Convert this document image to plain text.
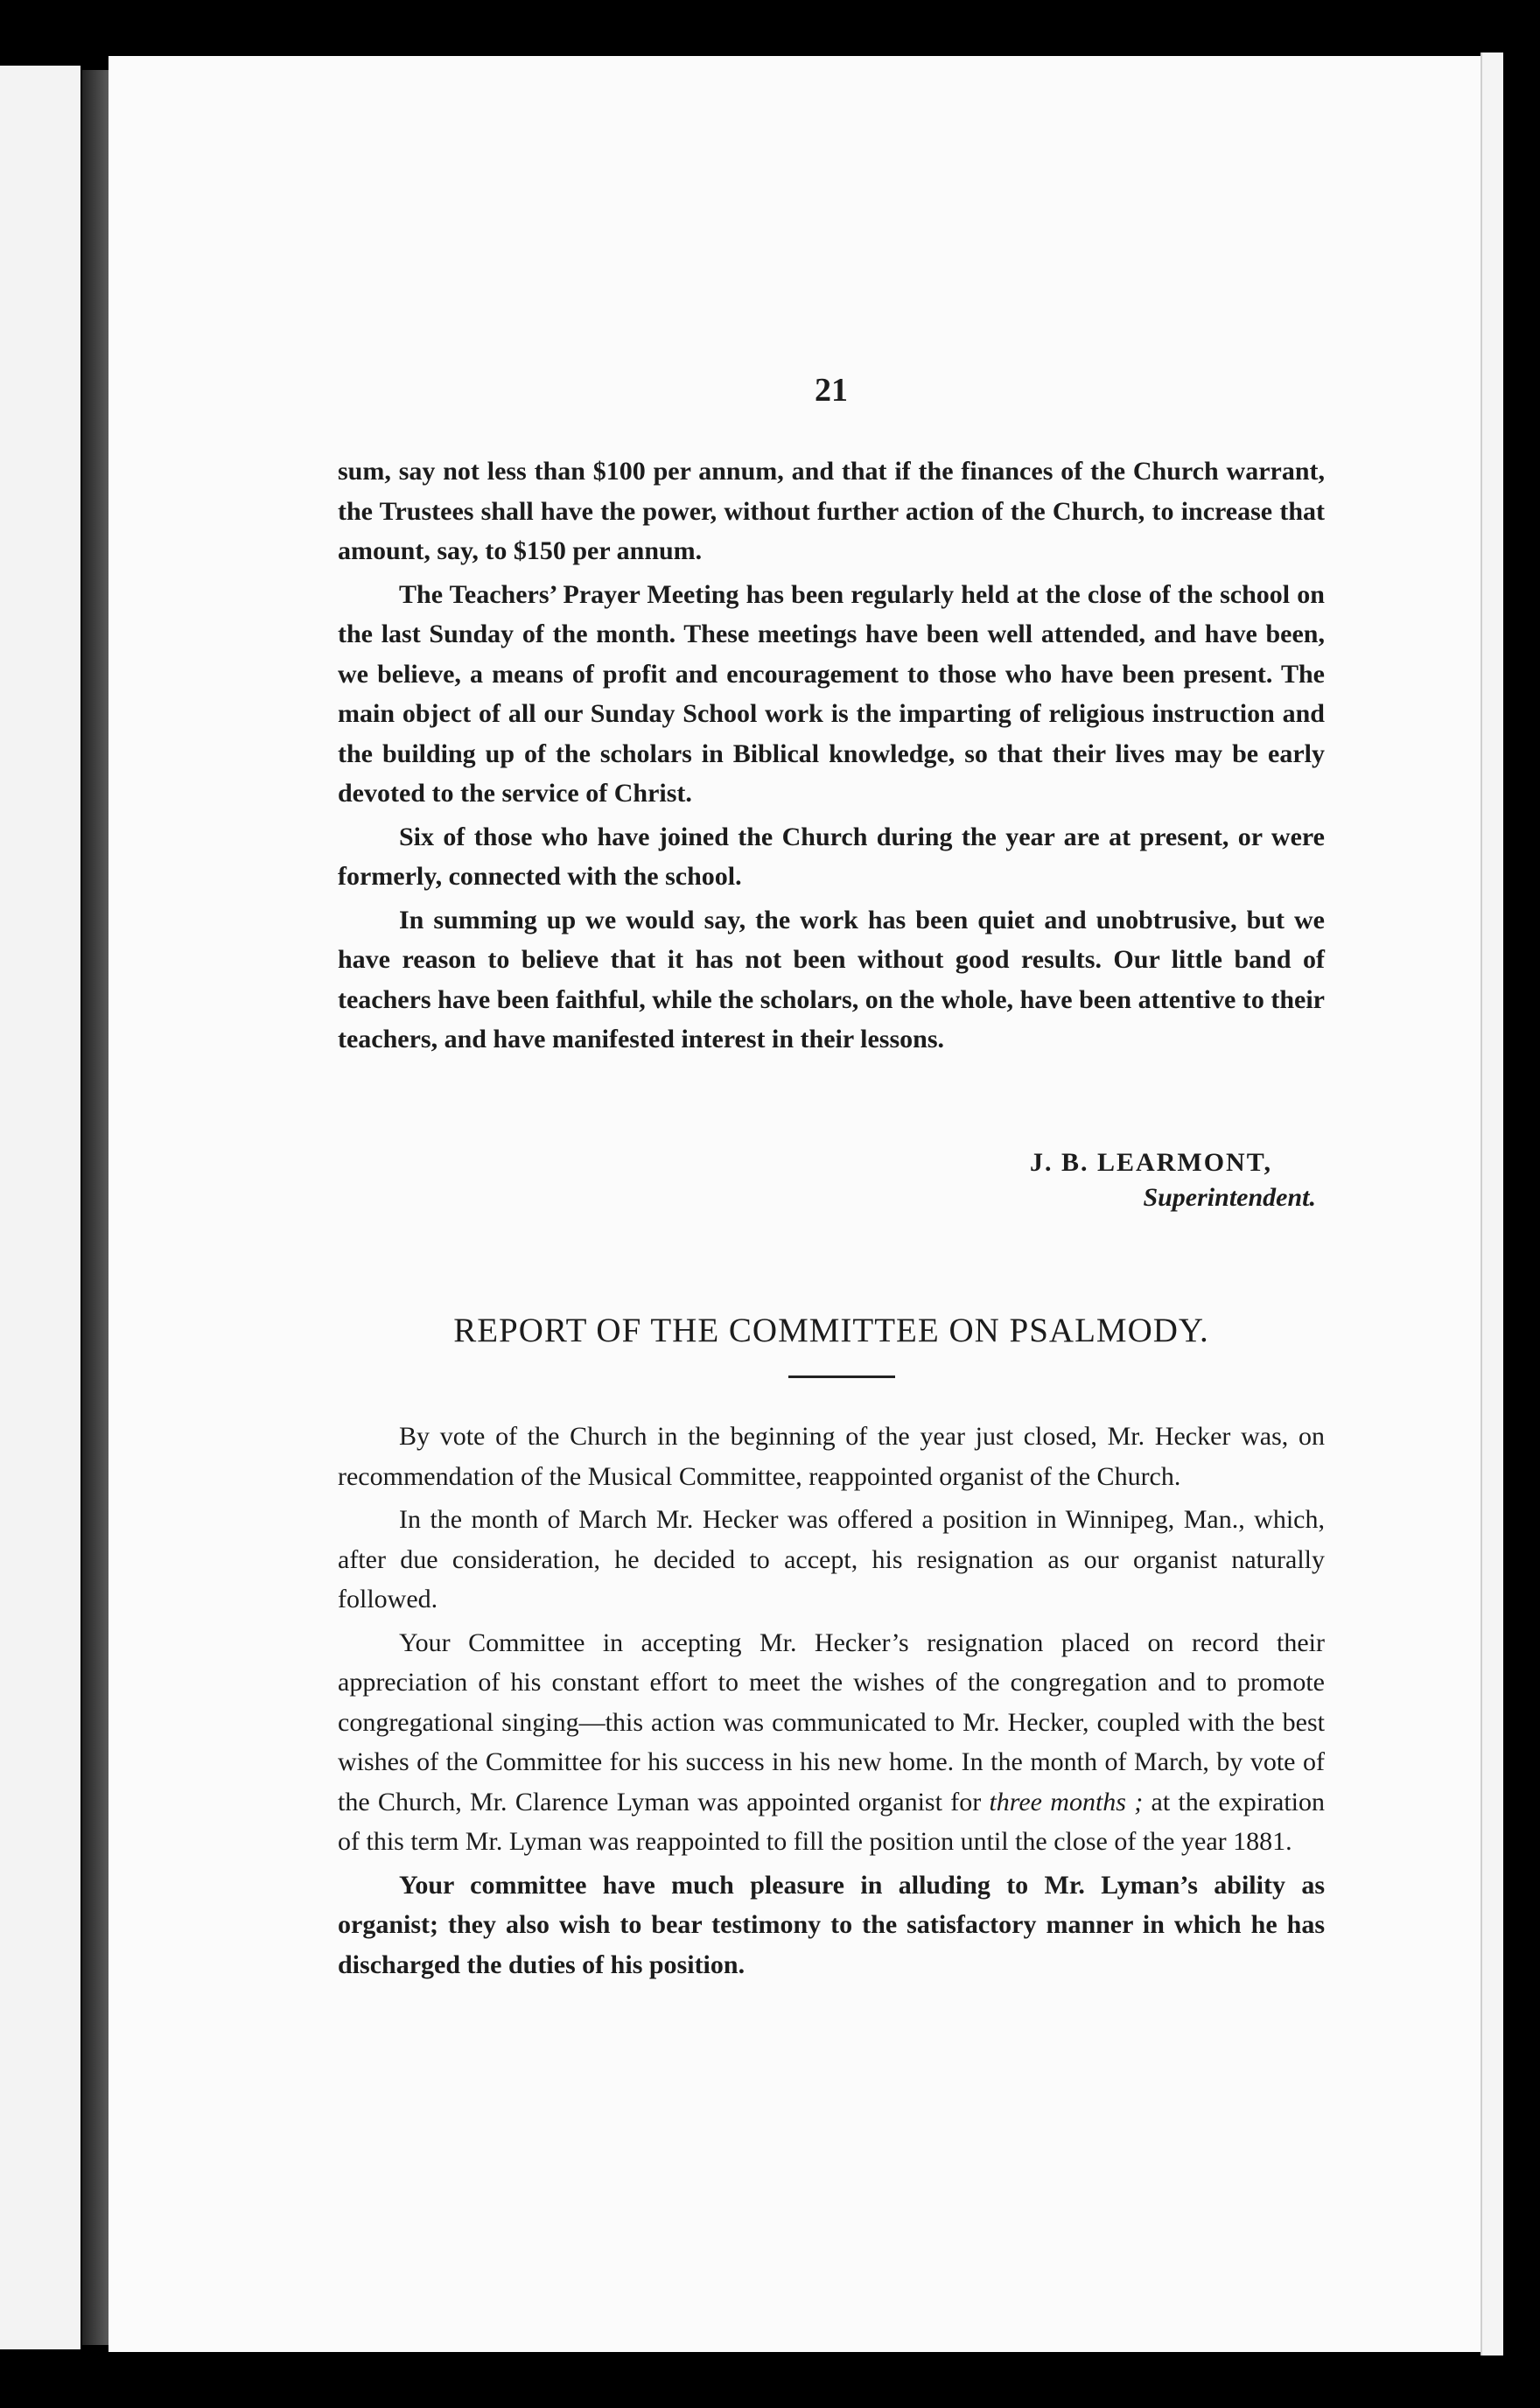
21

sum, say not less than $100 per annum, and that if the finances of the Church warrant, the Trustees shall have the power, without further action of the Church, to increase that amount, say, to $150 per annum.

The Teachers’ Prayer Meeting has been regularly held at the close of the school on the last Sunday of the month. These meetings have been well attended, and have been, we believe, a means of profit and encouragement to those who have been present. The main object of all our Sunday School work is the imparting of religious instruction and the building up of the scholars in Biblical knowledge, so that their lives may be early devoted to the service of Christ.

Six of those who have joined the Church during the year are at present, or were formerly, connected with the school.

In summing up we would say, the work has been quiet and unobtrusive, but we have reason to believe that it has not been without good results. Our little band of teachers have been faithful, while the scholars, on the whole, have been attentive to their teachers, and have manifested interest in their lessons.

J. B. LEARMONT,
Superintendent.
REPORT OF THE COMMITTEE ON PSALMODY.

By vote of the Church in the beginning of the year just closed, Mr. Hecker was, on recommendation of the Musical Committee, reappointed organist of the Church.

In the month of March Mr. Hecker was offered a position in Winnipeg, Man., which, after due consideration, he decided to accept, his resignation as our organist naturally followed.

Your Committee in accepting Mr. Hecker’s resignation placed on record their appreciation of his constant effort to meet the wishes of the congregation and to promote congregational singing—this action was communicated to Mr. Hecker, coupled with the best wishes of the Committee for his success in his new home. In the month of March, by vote of the Church, Mr. Clarence Lyman was appointed organist for three months ; at the expiration of this term Mr. Lyman was reappointed to fill the position until the close of the year 1881.

Your committee have much pleasure in alluding to Mr. Lyman’s ability as organist; they also wish to bear testimony to the satisfactory manner in which he has discharged the duties of his position.
